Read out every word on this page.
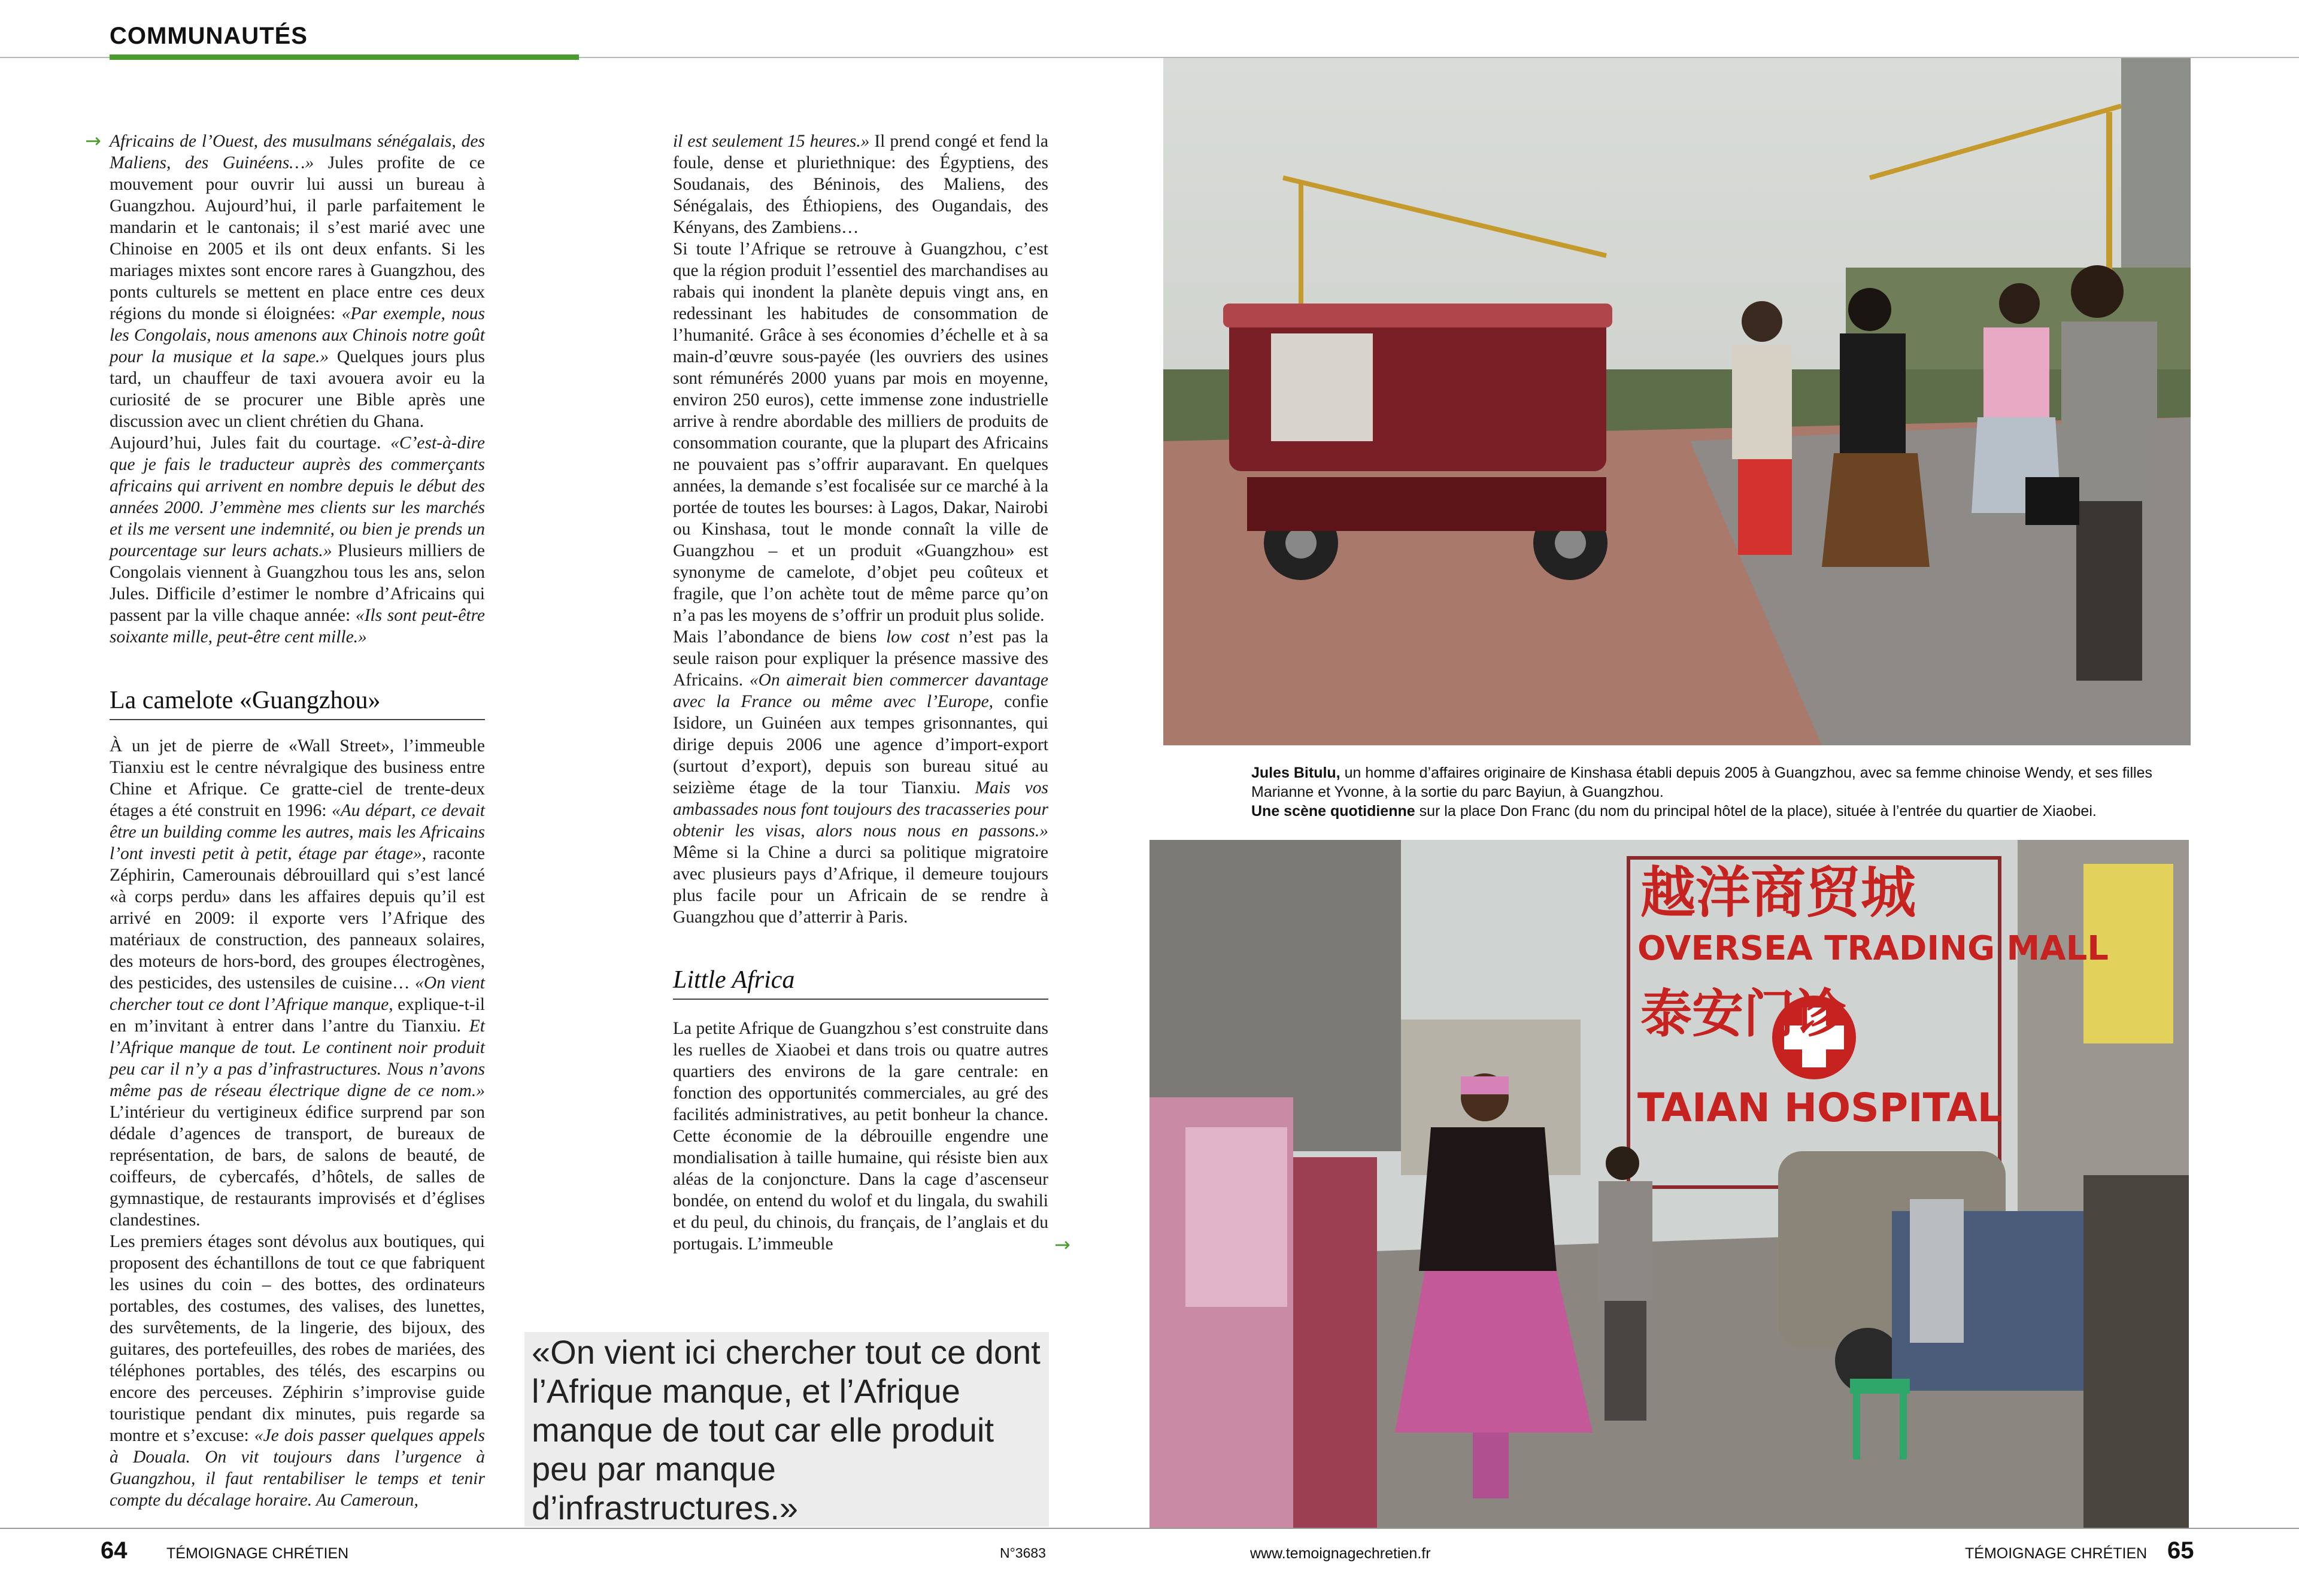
COMMUNAUTÉS
→ Africains de l’Ouest, des musulmans sénégalais, des Maliens, des Guinéens…» Jules profite de ce mouvement pour ouvrir lui aussi un bureau à Guangzhou. Aujourd’hui, il parle parfaitement le mandarin et le cantonais; il s’est marié avec une Chinoise en 2005 et ils ont deux enfants. Si les mariages mixtes sont encore rares à Guangzhou, des ponts culturels se mettent en place entre ces deux régions du monde si éloignées: «Par exemple, nous les Congolais, nous amenons aux Chinois notre goût pour la musique et la sape.» Quelques jours plus tard, un chauffeur de taxi avouera avoir eu la curiosité de se procurer une Bible après une discussion avec un client chrétien du Ghana.

Aujourd’hui, Jules fait du courtage. «C’est-à-dire que je fais le traducteur auprès des commerçants africains qui arrivent en nombre depuis le début des années 2000. J’emmène mes clients sur les marchés et ils me versent une indemnité, ou bien je prends un pourcentage sur leurs achats.» Plusieurs milliers de Congolais viennent à Guangzhou tous les ans, selon Jules. Difficile d’estimer le nombre d’Africains qui passent par la ville chaque année: «Ils sont peut-être soixante mille, peut-être cent mille.»

La camelote «Guangzhou»

À un jet de pierre de «Wall Street», l’immeuble Tianxiu est le centre névralgique des business entre Chine et Afrique. Ce gratte-ciel de trente-deux étages a été construit en 1996: «Au départ, ce devait être un building comme les autres, mais les Africains l’ont investi petit à petit, étage par étage», raconte Zéphirin, Camerounais débrouillard qui s’est lancé «à corps perdu» dans les affaires depuis qu’il est arrivé en 2009: il exporte vers l’Afrique des matériaux de construction, des panneaux solaires, des moteurs de hors-bord, des groupes électrogènes, des pesticides, des ustensiles de cuisine… «On vient chercher tout ce dont l’Afrique manque, explique-t-il en m’invitant à entrer dans l’antre du Tianxiu. Et l’Afrique manque de tout. Le continent noir produit peu car il n’y a pas d’infrastructures. Nous n’avons même pas de réseau électrique digne de ce nom.» L’intérieur du vertigineux édifice surprend par son dédale d’agences de transport, de bureaux de représentation, de bars, de salons de beauté, de coiffeurs, de cybercafés, d’hôtels, de salles de gymnastique, de restaurants improvisés et d’églises clandestines.

Les premiers étages sont dévolus aux boutiques, qui proposent des échantillons de tout ce que fabriquent les usines du coin – des bottes, des ordinateurs portables, des costumes, des valises, des lunettes, des survêtements, de la lingerie, des bijoux, des guitares, des portefeuilles, des robes de mariées, des téléphones portables, des télés, des escarpins ou encore des perceuses. Zéphirin s’improvise guide touristique pendant dix minutes, puis regarde sa montre et s’excuse: «Je dois passer quelques appels à Douala. On vit toujours dans l’urgence à Guangzhou, il faut rentabiliser le temps et tenir compte du décalage horaire. Au Cameroun,

il est seulement 15 heures.» Il prend congé et fend la foule, dense et pluriethnique: des Égyptiens, des Soudanais, des Béninois, des Maliens, des Sénégalais, des Éthiopiens, des Ougandais, des Kényans, des Zambiens…

Si toute l’Afrique se retrouve à Guangzhou, c’est que la région produit l’essentiel des marchandises au rabais qui inondent la planète depuis vingt ans, en redessinant les habitudes de consommation de l’humanité. Grâce à ses économies d’échelle et à sa main-d’œuvre sous-payée (les ouvriers des usines sont rémunérés 2000 yuans par mois en moyenne, environ 250 euros), cette immense zone industrielle arrive à rendre abordable des milliers de produits de consommation courante, que la plupart des Africains ne pouvaient pas s’offrir auparavant. En quelques années, la demande s’est focalisée sur ce marché à la portée de toutes les bourses: à Lagos, Dakar, Nairobi ou Kinshasa, tout le monde connaît la ville de Guangzhou – et un produit «Guangzhou» est synonyme de camelote, d’objet peu coûteux et fragile, que l’on achète tout de même parce qu’on n’a pas les moyens de s’offrir un produit plus solide.

Mais l’abondance de biens low cost n’est pas la seule raison pour expliquer la présence massive des Africains. «On aimerait bien commercer davantage avec la France ou même avec l’Europe, confie Isidore, un Guinéen aux tempes grisonnantes, qui dirige depuis 2006 une agence d’import-export (surtout d’export), depuis son bureau situé au seizième étage de la tour Tianxiu. Mais vos ambassades nous font toujours des tracasseries pour obtenir les visas, alors nous nous en passons.» Même si la Chine a durci sa politique migratoire avec plusieurs pays d’Afrique, il demeure toujours plus facile pour un Africain de se rendre à Guangzhou que d’atterrir à Paris.

Little Africa

La petite Afrique de Guangzhou s’est construite dans les ruelles de Xiaobei et dans trois ou quatre autres quartiers des environs de la gare centrale: en fonction des opportunités commerciales, au gré des facilités administratives, au petit bonheur la chance. Cette économie de la débrouille engendre une mondialisation à taille humaine, qui résiste bien aux aléas de la conjoncture. Dans la cage d’ascenseur bondée, on entend du wolof et du lingala, du swahili et du peul, du chinois, du français, de l’anglais et du portugais. L’immeuble	→
«On vient ici chercher tout ce dont l’Afrique manque, et l’Afrique manque de tout car elle produit peu par manque d’infrastructures.»
Jules Bitulu, un homme d’affaires originaire de Kinshasa établi depuis 2005 à Guangzhou, avec sa femme chinoise Wendy, et ses filles Marianne et Yvonne, à la sortie du parc Bayiun, à Guangzhou.
Une scène quotidienne sur la place Don Franc (du nom du principal hôtel de la place), située à l’entrée du quartier de Xiaobei.
越洋商贸城
OVERSEA TRADING MALL
泰安门诊
TAIAN HOSPITAL
64	TÉMOIGNAGE CHRÉTIEN	N°3683	www.temoignagechretien.fr	TÉMOIGNAGE CHRÉTIEN 65
